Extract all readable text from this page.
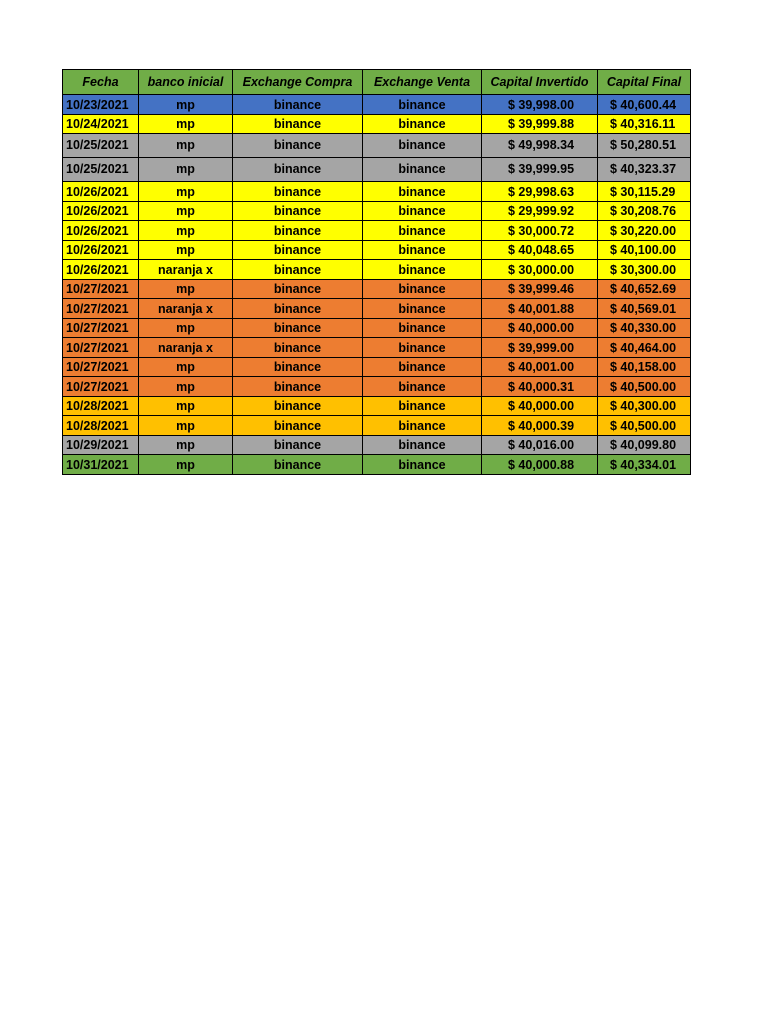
Fecha	banco inicial	Exchange Compra	Exchange Venta	Capital Invertido	Capital Final
10/23/2021	mp	binance	binance	$ 39,998.00	$ 40,600.44
10/24/2021	mp	binance	binance	$ 39,999.88	$ 40,316.11
10/25/2021	mp	binance	binance	$ 49,998.34	$ 50,280.51
10/25/2021	mp	binance	binance	$ 39,999.95	$ 40,323.37
10/26/2021	mp	binance	binance	$ 29,998.63	$ 30,115.29
10/26/2021	mp	binance	binance	$ 29,999.92	$ 30,208.76
10/26/2021	mp	binance	binance	$ 30,000.72	$ 30,220.00
10/26/2021	mp	binance	binance	$ 40,048.65	$ 40,100.00
10/26/2021	naranja x	binance	binance	$ 30,000.00	$ 30,300.00
10/27/2021	mp	binance	binance	$ 39,999.46	$ 40,652.69
10/27/2021	naranja x	binance	binance	$ 40,001.88	$ 40,569.01
10/27/2021	mp	binance	binance	$ 40,000.00	$ 40,330.00
10/27/2021	naranja x	binance	binance	$ 39,999.00	$ 40,464.00
10/27/2021	mp	binance	binance	$ 40,001.00	$ 40,158.00
10/27/2021	mp	binance	binance	$ 40,000.31	$ 40,500.00
10/28/2021	mp	binance	binance	$ 40,000.00	$ 40,300.00
10/28/2021	mp	binance	binance	$ 40,000.39	$ 40,500.00
10/29/2021	mp	binance	binance	$ 40,016.00	$ 40,099.80
10/31/2021	mp	binance	binance	$ 40,000.88	$ 40,334.01
